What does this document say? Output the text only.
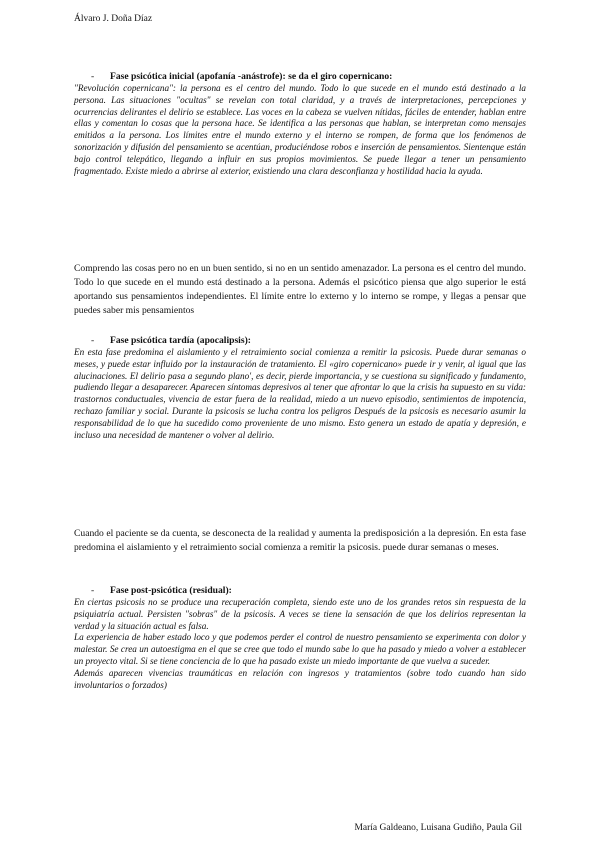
Álvaro J. Doña Díaz
- Fase psicótica inicial (apofanía -anástrofe): se da el giro copernicano:

"Revolución copernicana": la persona es el centro del mundo. Todo lo que sucede en el mundo está destinado a la persona. Las situaciones "ocultas" se revelan con total claridad, y a través de interpretaciones, percepciones y ocurrencias delirantes el delirio se establece. Las voces en la cabeza se vuelven nítidas, fáciles de entender, hablan entre ellas y comentan lo cosas que la persona hace. Se identifica a las personas que hablan, se interpretan como mensajes emitidos a la persona. Los límites entre el mundo externo y el interno se rompen, de forma que los fenómenos de sonorización y difusión del pensamiento se acentúan, produciéndose robos e inserción de pensamientos. Sientenque están bajo control telepático, llegando a influir en sus propios movimientos. Se puede llegar a tener un pensamiento fragmentado. Existe miedo a abrirse al exterior, existiendo una clara desconfianza y hostilidad hacia la ayuda.

Comprendo las cosas pero no en un buen sentido, si no en un sentido amenazador. La persona es el centro del mundo. Todo lo que sucede en el mundo está destinado a la persona. Además el psicótico piensa que algo superior le está aportando sus pensamientos independientes. El límite entre lo externo y lo interno se rompe, y llegas a pensar que puedes saber mis pensamientos

- Fase psicótica tardía (apocalipsis):

En esta fase predomina el aislamiento y el retraimiento social comienza a remitir la psicosis. Puede durar semanas o meses, y puede estar influido por la instauración de tratamiento. El «giro copernicano» puede ir y venir, al igual que las alucinaciones. El delirio pasa a segundo plano', es decir, pierde importancia, y se cuestiona su significado y fundamento, pudiendo llegar a desaparecer. Aparecen síntomas depresivos al tener que afrontar lo que la crisis ha supuesto en su vida: trastornos conductuales, vivencia de estar fuera de la realidad, miedo a un nuevo episodio, sentimientos de impotencia, rechazo familiar y social. Durante la psicosis se lucha contra los peligros Después de la psicosis es necesario asumir la responsabilidad de lo que ha sucedido como proveniente de uno mismo. Esto genera un estado de apatía y depresión, e incluso una necesidad de mantener o volver al delirio.

Cuando el paciente se da cuenta, se desconecta de la realidad y aumenta la predisposición a la depresión. En esta fase predomina el aislamiento y el retraimiento social comienza a remitir la psicosis. puede durar semanas o meses.

- Fase post-psicótica (residual):

En ciertas psicosis no se produce una recuperación completa, siendo este uno de los grandes retos sin respuesta de la psiquiatría actual. Persisten "sobras" de la psicosis. A veces se tiene la sensación de que los delirios representan la verdad y la situación actual es falsa.

La experiencia de haber estado loco y que podemos perder el control de nuestro pensamiento se experimenta con dolor y malestar. Se crea un autoestigma en el que se cree que todo el mundo sabe lo que ha pasado y miedo a volver a establecer un proyecto vital. Si se tiene conciencia de lo que ha pasado existe un miedo importante de que vuelva a suceder.

Además aparecen vivencias traumáticas en relación con ingresos y tratamientos (sobre todo cuando han sido involuntarios o forzados)

María Galdeano, Luisana Gudiño, Paula Gil
